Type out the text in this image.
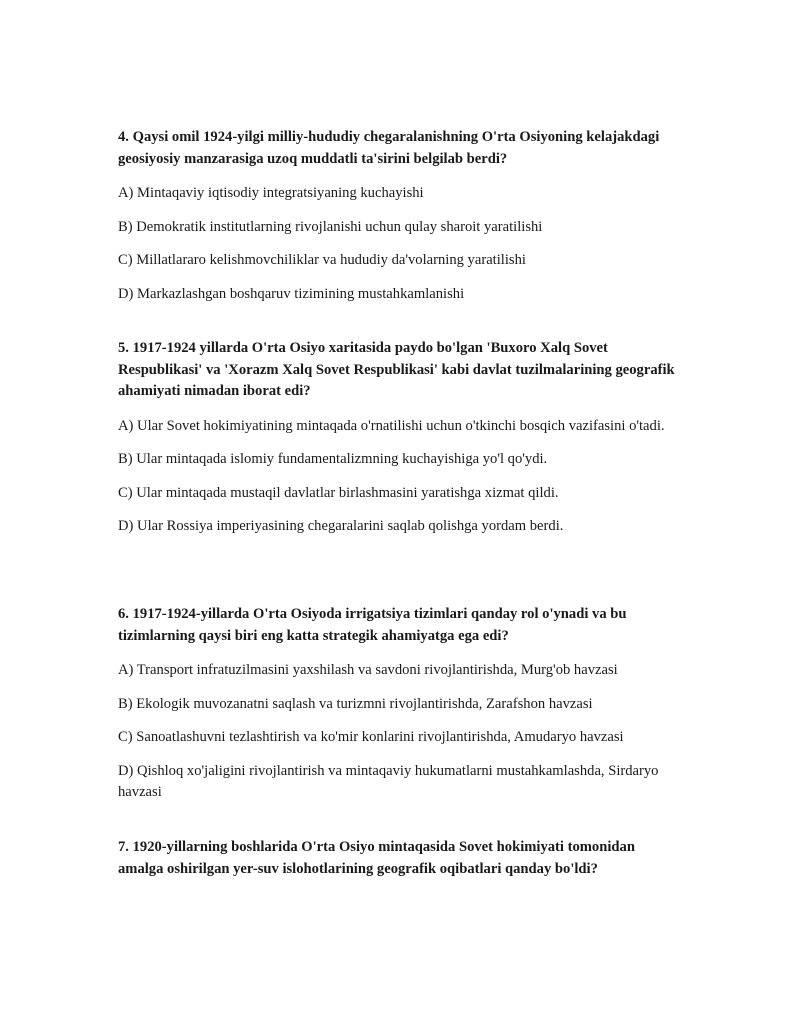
4. Qaysi omil 1924-yilgi milliy-hududiy chegaralanishning O'rta Osiyoning kelajakdagi geosiyosiy manzarasiga uzoq muddatli ta'sirini belgilab berdi?

A) Mintaqaviy iqtisodiy integratsiyaning kuchayishi

B) Demokratik institutlarning rivojlanishi uchun qulay sharoit yaratilishi

C) Millatlararo kelishmovchiliklar va hududiy da'volarning yaratilishi

D) Markazlashgan boshqaruv tizimining mustahkamlanishi

5. 1917-1924 yillarda O'rta Osiyo xaritasida paydo bo'lgan 'Buxoro Xalq Sovet Respublikasi' va 'Xorazm Xalq Sovet Respublikasi' kabi davlat tuzilmalarining geografik ahamiyati nimadan iborat edi?

A) Ular Sovet hokimiyatining mintaqada o'rnatilishi uchun o'tkinchi bosqich vazifasini o'tadi.

B) Ular mintaqada islomiy fundamentalizmning kuchayishiga yo'l qo'ydi.

C) Ular mintaqada mustaqil davlatlar birlashmasini yaratishga xizmat qildi.

D) Ular Rossiya imperiyasining chegaralarini saqlab qolishga yordam berdi.

6. 1917-1924-yillarda O'rta Osiyoda irrigatsiya tizimlari qanday rol o'ynadi va bu tizimlarning qaysi biri eng katta strategik ahamiyatga ega edi?

A) Transport infratuzilmasini yaxshilash va savdoni rivojlantirishda, Murg'ob havzasi

B) Ekologik muvozanatni saqlash va turizmni rivojlantirishda, Zarafshon havzasi

C) Sanoatlashuvni tezlashtirish va ko'mir konlarini rivojlantirishda, Amudaryo havzasi

D) Qishloq xo'jaligini rivojlantirish va mintaqaviy hukumatlarni mustahkamlashda, Sirdaryo havzasi

7. 1920-yillarning boshlarida O'rta Osiyo mintaqasida Sovet hokimiyati tomonidan amalga oshirilgan yer-suv islohotlarining geografik oqibatlari qanday bo'ldi?
